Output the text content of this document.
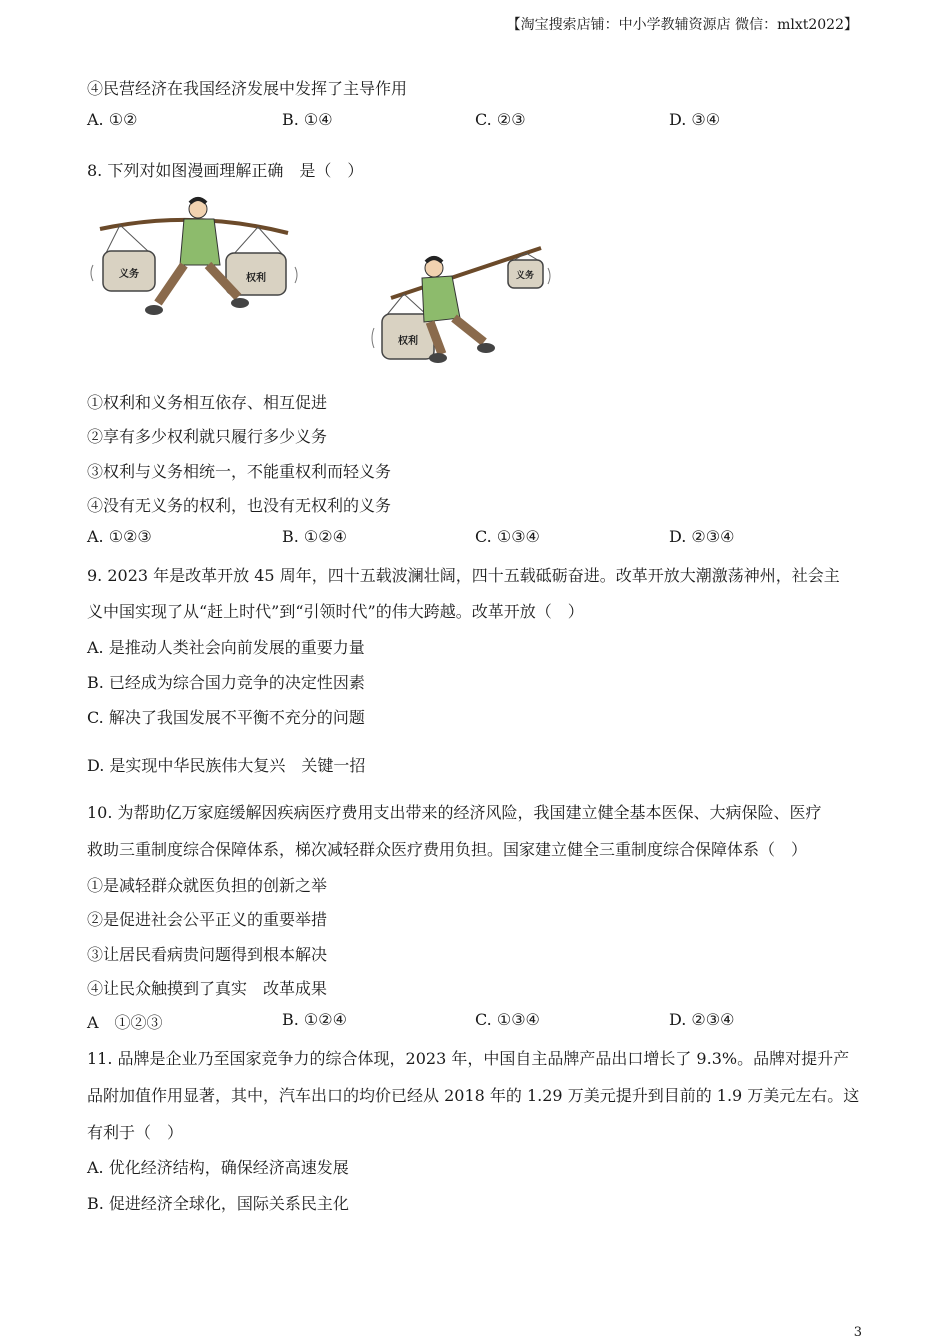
【淘宝搜索店铺：中小学教辅资源店 微信：mlxt2022】
④民营经济在我国经济发展中发挥了主导作用
A. ①②	B. ①④	C. ②③	D. ③④
8. 下列对如图漫画理解正确　是（　）
义务	权利
权利
义务
①权利和义务相互依存、相互促进
②享有多少权利就只履行多少义务
③权利与义务相统一，不能重权利而轻义务
④没有无义务的权利，也没有无权利的义务
A. ①②③	B. ①②④	C. ①③④	D. ②③④
9. 2023 年是改革开放 45 周年，四十五载波澜壮阔，四十五载砥砺奋进。改革开放大潮激荡神州，社会主
义中国实现了从“赶上时代”到“引领时代”的伟大跨越。改革开放（　）
A. 是推动人类社会向前发展的重要力量
B. 已经成为综合国力竞争的决定性因素
C. 解决了我国发展不平衡不充分的问题
D. 是实现中华民族伟大复兴　关键一招
10. 为帮助亿万家庭缓解因疾病医疗费用支出带来的经济风险，我国建立健全基本医保、大病保险、医疗
救助三重制度综合保障体系，梯次减轻群众医疗费用负担。国家建立健全三重制度综合保障体系（　）
①是减轻群众就医负担的创新之举
②是促进社会公平正义的重要举措
③让居民看病贵问题得到根本解决
④让民众触摸到了真实　改革成果
A　①②③	B. ①②④	C. ①③④	D. ②③④
11. 品牌是企业乃至国家竞争力的综合体现，2023 年，中国自主品牌产品出口增长了 9.3%。品牌对提升产
品附加值作用显著，其中，汽车出口的均价已经从 2018 年的 1.29 万美元提升到目前的 1.9 万美元左右。这
有利于（　）
A. 优化经济结构，确保经济高速发展
B. 促进经济全球化，国际关系民主化
3
